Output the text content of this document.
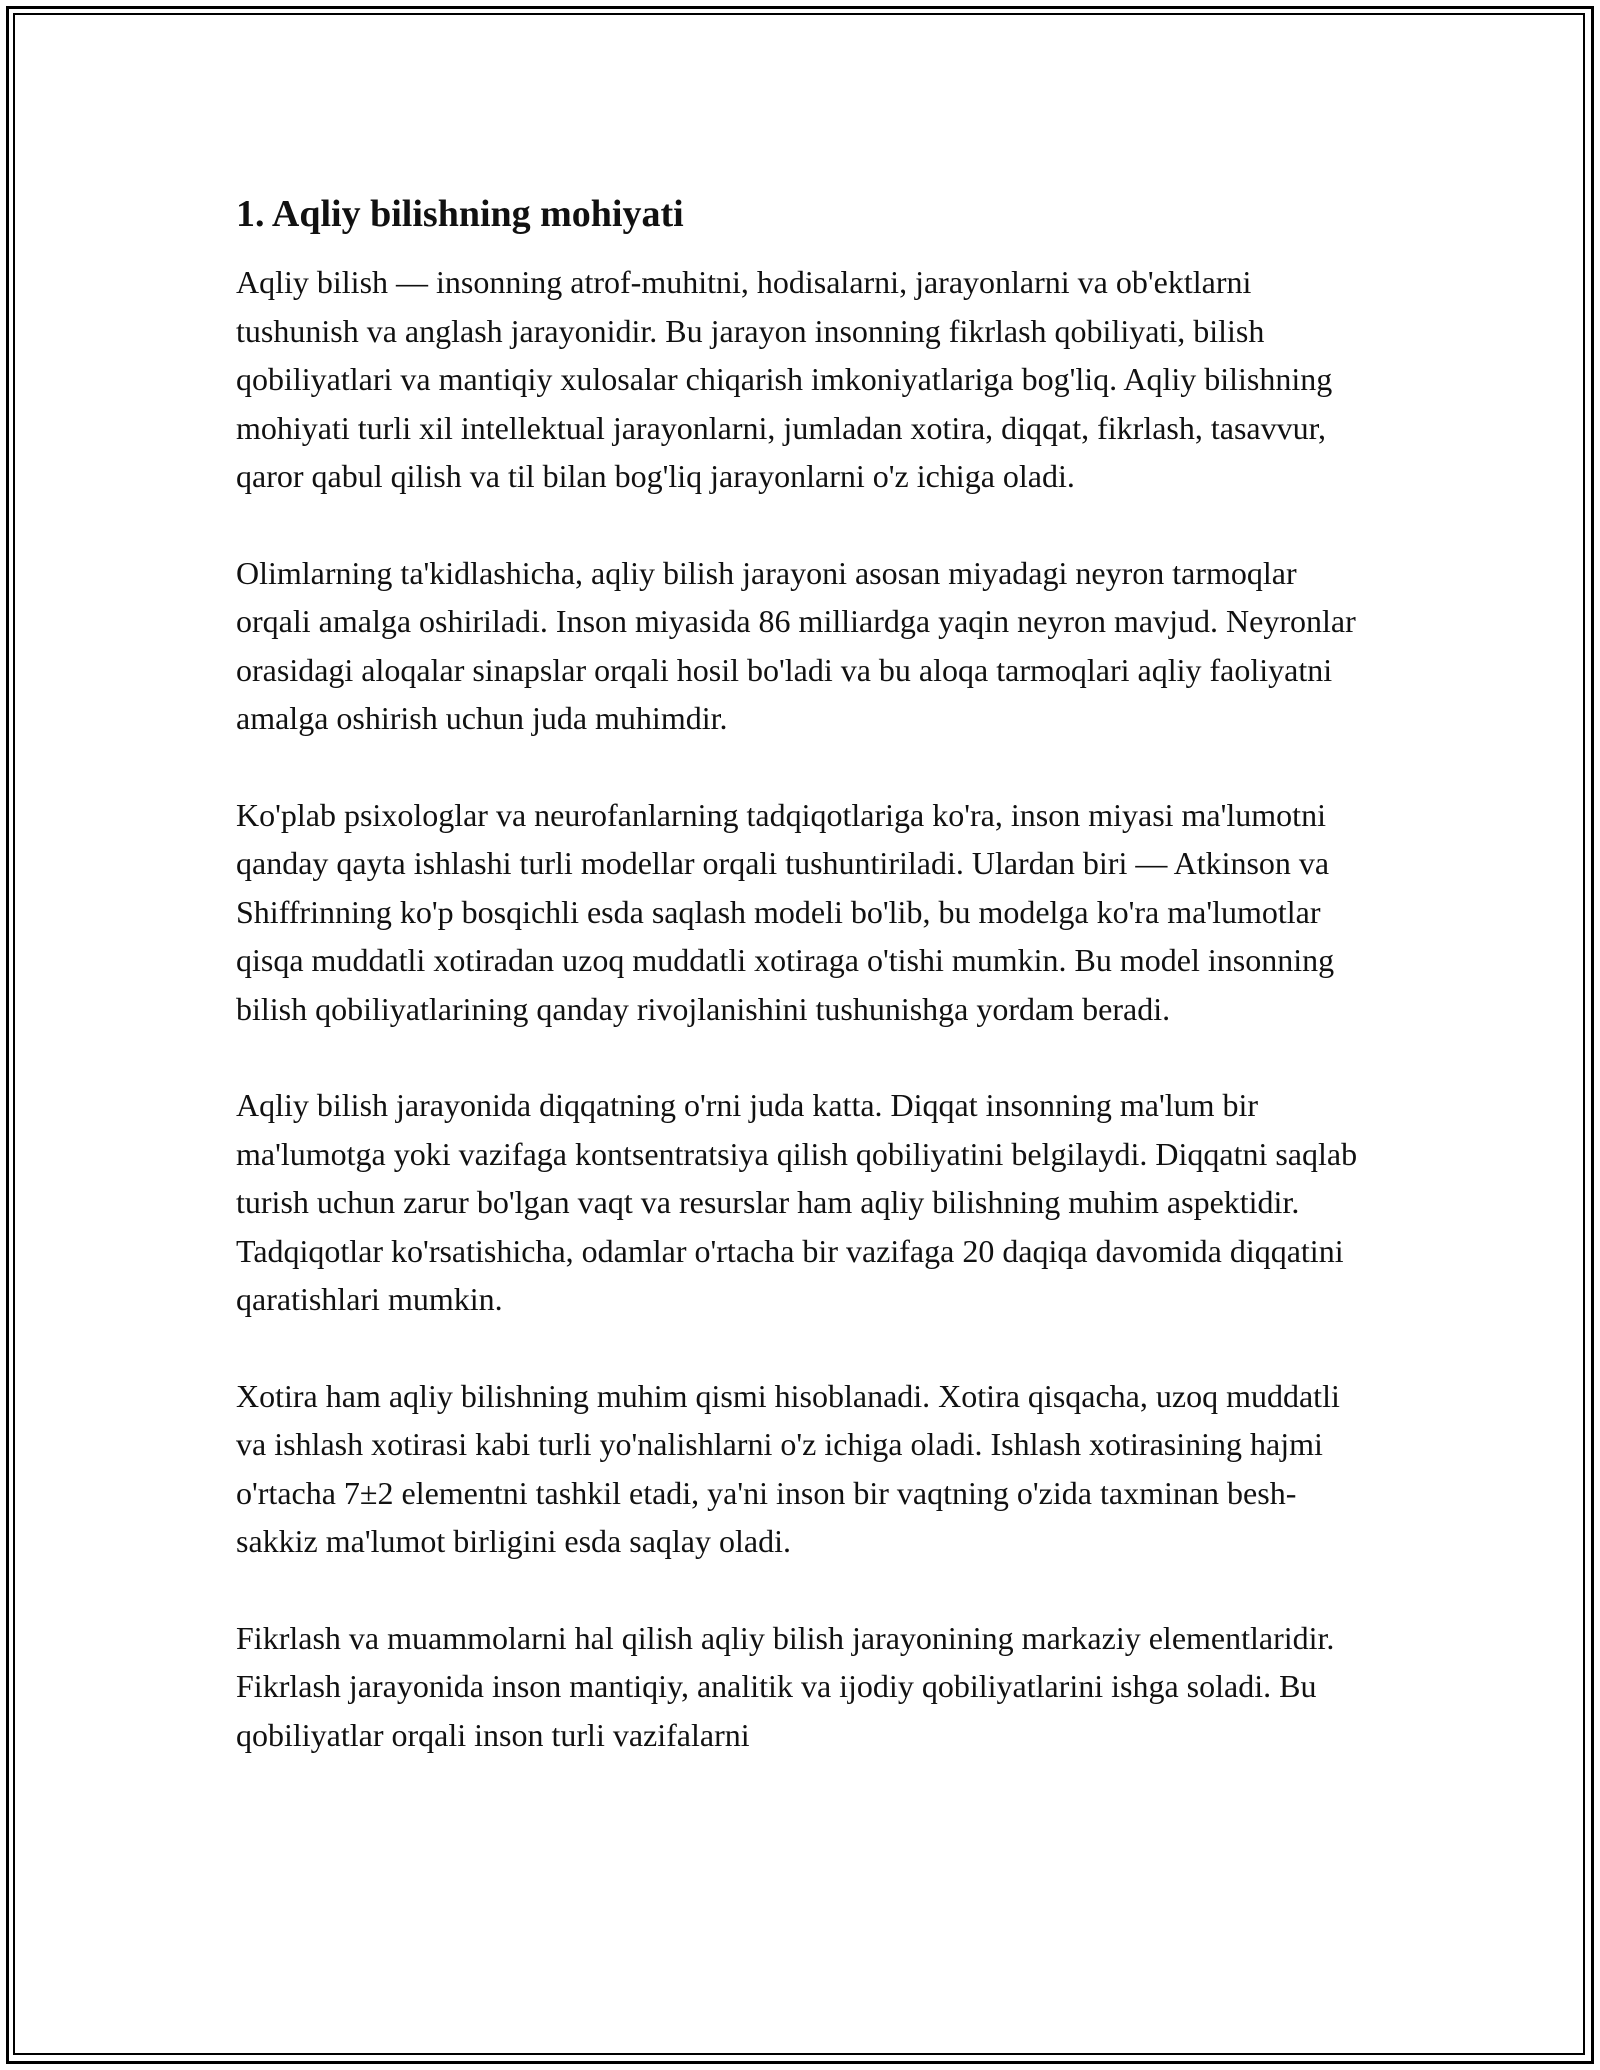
1. Aqliy bilishning mohiyati

Aqliy bilish — insonning atrof-muhitni, hodisalarni, jarayonlarni va ob'ektlarni tushunish va anglash jarayonidir. Bu jarayon insonning fikrlash qobiliyati, bilish qobiliyatlari va mantiqiy xulosalar chiqarish imkoniyatlariga bog'liq. Aqliy bilishning mohiyati turli xil intellektual jarayonlarni, jumladan xotira, diqqat, fikrlash, tasavvur, qaror qabul qilish va til bilan bog'liq jarayonlarni o'z ichiga oladi.

Olimlarning ta'kidlashicha, aqliy bilish jarayoni asosan miyadagi neyron tarmoqlar orqali amalga oshiriladi. Inson miyasida 86 milliardga yaqin neyron mavjud. Neyronlar orasidagi aloqalar sinapslar orqali hosil bo'ladi va bu aloqa tarmoqlari aqliy faoliyatni amalga oshirish uchun juda muhimdir.

Ko'plab psixologlar va neurofanlarning tadqiqotlariga ko'ra, inson miyasi ma'lumotni qanday qayta ishlashi turli modellar orqali tushuntiriladi. Ulardan biri — Atkinson va Shiffrinning ko'p bosqichli esda saqlash modeli bo'lib, bu modelga ko'ra ma'lumotlar qisqa muddatli xotiradan uzoq muddatli xotiraga o'tishi mumkin. Bu model insonning bilish qobiliyatlarining qanday rivojlanishini tushunishga yordam beradi.

Aqliy bilish jarayonida diqqatning o'rni juda katta. Diqqat insonning ma'lum bir ma'lumotga yoki vazifaga kontsentratsiya qilish qobiliyatini belgilaydi. Diqqatni saqlab turish uchun zarur bo'lgan vaqt va resurslar ham aqliy bilishning muhim aspektidir. Tadqiqotlar ko'rsatishicha, odamlar o'rtacha bir vazifaga 20 daqiqa davomida diqqatini qaratishlari mumkin.

Xotira ham aqliy bilishning muhim qismi hisoblanadi. Xotira qisqacha, uzoq muddatli va ishlash xotirasi kabi turli yo'nalishlarni o'z ichiga oladi. Ishlash xotirasining hajmi o'rtacha 7±2 elementni tashkil etadi, ya'ni inson bir vaqtning o'zida taxminan besh-sakkiz ma'lumot birligini esda saqlay oladi.

Fikrlash va muammolarni hal qilish aqliy bilish jarayonining markaziy elementlaridir. Fikrlash jarayonida inson mantiqiy, analitik va ijodiy qobiliyatlarini ishga soladi. Bu qobiliyatlar orqali inson turli vazifalarni
